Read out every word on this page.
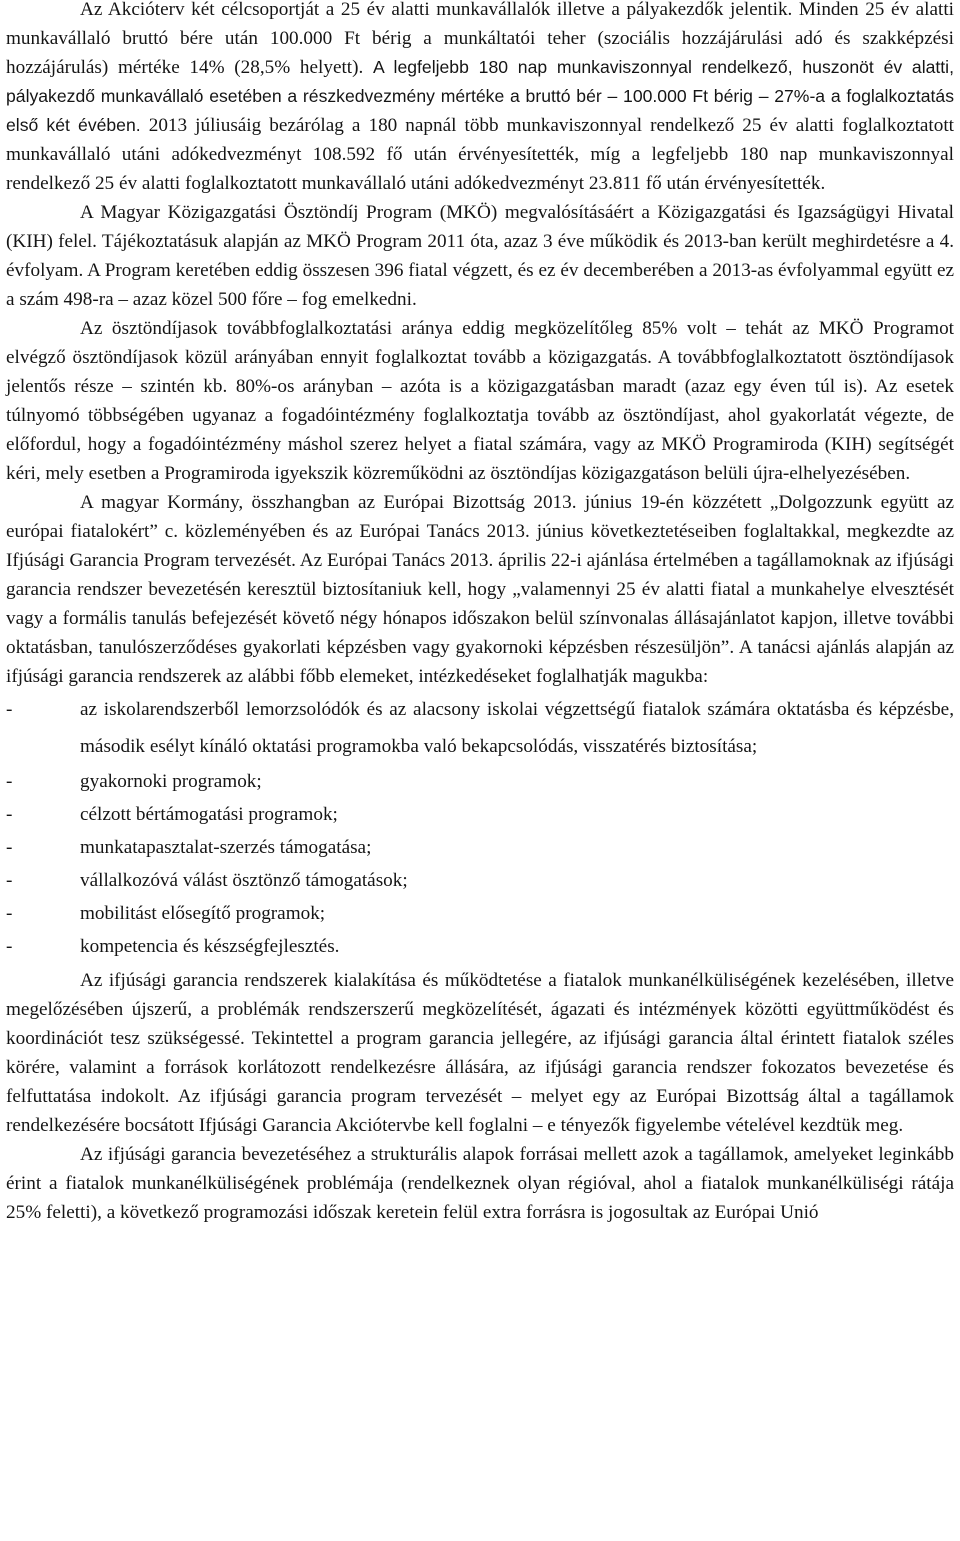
Az Akcióterv két célcsoportját a 25 év alatti munkavállalók illetve a pályakezdők jelentik. Minden 25 év alatti munkavállaló bruttó bére után 100.000 Ft bérig a munkáltatói teher (szociális hozzájárulási adó és szakképzési hozzájárulás) mértéke 14% (28,5% helyett). A legfeljebb 180 nap munkaviszonnyal rendelkező, huszonöt év alatti, pályakezdő munkavállaló esetében a részkedvezmény mértéke a bruttó bér – 100.000 Ft bérig – 27%-a a foglalkoztatás első két évében. 2013 júliusáig bezárólag a 180 napnál több munkaviszonnyal rendelkező 25 év alatti foglalkoztatott munkavállaló utáni adókedvezményt 108.592 fő után érvényesítették, míg a legfeljebb 180 nap munkaviszonnyal rendelkező 25 év alatti foglalkoztatott munkavállaló utáni adókedvezményt 23.811 fő után érvényesítették.

A Magyar Közigazgatási Ösztöndíj Program (MKÖ) megvalósításáért a Közigazgatási és Igazságügyi Hivatal (KIH) felel. Tájékoztatásuk alapján az MKÖ Program 2011 óta, azaz 3 éve működik és 2013-ban került meghirdetésre a 4. évfolyam. A Program keretében eddig összesen 396 fiatal végzett, és ez év decemberében a 2013-as évfolyammal együtt ez a szám 498-ra – azaz közel 500 főre – fog emelkedni.

Az ösztöndíjasok továbbfoglalkoztatási aránya eddig megközelítőleg 85% volt – tehát az MKÖ Programot elvégző ösztöndíjasok közül arányában ennyit foglalkoztat tovább a közigazgatás. A továbbfoglalkoztatott ösztöndíjasok jelentős része – szintén kb. 80%-os arányban – azóta is a közigazgatásban maradt (azaz egy éven túl is). Az esetek túlnyomó többségében ugyanaz a fogadóintézmény foglalkoztatja tovább az ösztöndíjast, ahol gyakorlatát végezte, de előfordul, hogy a fogadóintézmény máshol szerez helyet a fiatal számára, vagy az MKÖ Programiroda (KIH) segítségét kéri, mely esetben a Programiroda igyekszik közreműködni az ösztöndíjas közigazgatáson belüli újra-elhelyezésében.

A magyar Kormány, összhangban az Európai Bizottság 2013. június 19-én közzétett „Dolgozzunk együtt az európai fiatalokért” c. közleményében és az Európai Tanács 2013. június következtetéseiben foglaltakkal, megkezdte az Ifjúsági Garancia Program tervezését. Az Európai Tanács 2013. április 22-i ajánlása értelmében a tagállamoknak az ifjúsági garancia rendszer bevezetésén keresztül biztosítaniuk kell, hogy „valamennyi 25 év alatti fiatal a munkahelye elvesztését vagy a formális tanulás befejezését követő négy hónapos időszakon belül színvonalas állásajánlatot kapjon, illetve további oktatásban, tanulószerződéses gyakorlati képzésben vagy gyakornoki képzésben részesüljön”. A tanácsi ajánlás alapján az ifjúsági garancia rendszerek az alábbi főbb elemeket, intézkedéseket foglalhatják magukba:

-	az iskolarendszerből lemorzsolódók és az alacsony iskolai végzettségű fiatalok számára oktatásba és képzésbe, második esélyt kínáló oktatási programokba való bekapcsolódás, visszatérés biztosítása;
-	gyakornoki programok;
-	célzott bértámogatási programok;
-	munkatapasztalat-szerzés támogatása;
-	vállalkozóvá válást ösztönző támogatások;
-	mobilitást elősegítő programok;
-	kompetencia és készségfejlesztés.

Az ifjúsági garancia rendszerek kialakítása és működtetése a fiatalok munkanélküliségének kezelésében, illetve megelőzésében újszerű, a problémák rendszerszerű megközelítését, ágazati és intézmények közötti együttműködést és koordinációt tesz szükségessé. Tekintettel a program garancia jellegére, az ifjúsági garancia által érintett fiatalok széles körére, valamint a források korlátozott rendelkezésre állására, az ifjúsági garancia rendszer fokozatos bevezetése és felfuttatása indokolt. Az ifjúsági garancia program tervezését – melyet egy az Európai Bizottság által a tagállamok rendelkezésére bocsátott Ifjúsági Garancia Akciótervbe kell foglalni – e tényezők figyelembe vételével kezdtük meg.

Az ifjúsági garancia bevezetéséhez a strukturális alapok forrásai mellett azok a tagállamok, amelyeket leginkább érint a fiatalok munkanélküliségének problémája (rendelkeznek olyan régióval, ahol a fiatalok munkanélküliségi rátája 25% feletti), a következő programozási időszak keretein felül extra forrásra is jogosultak az Európai Unió
